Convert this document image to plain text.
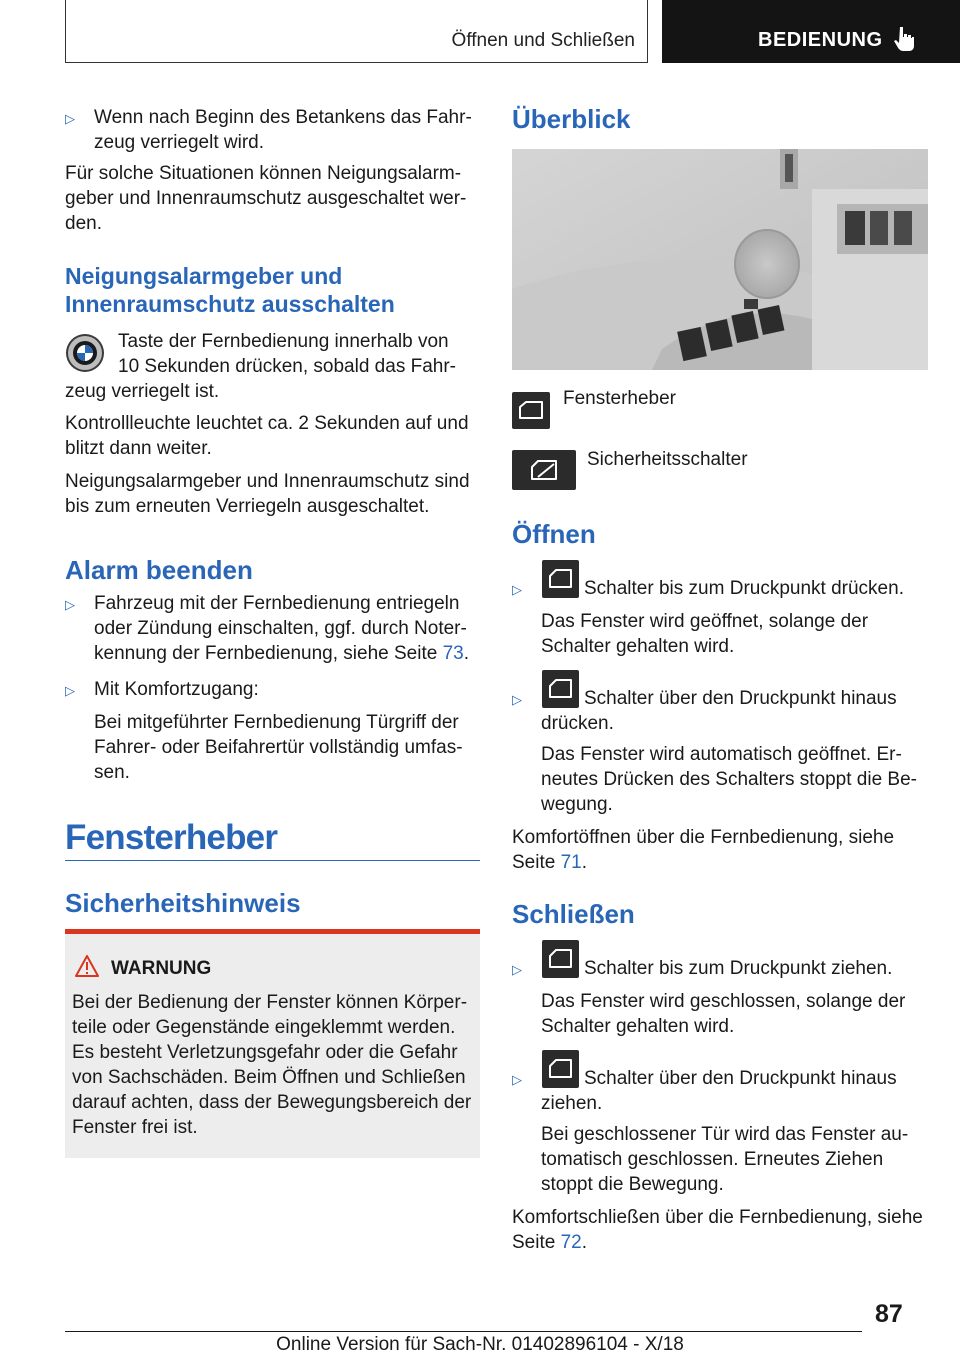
Öffnen und Schließen	BEDIENUNG
▷ Wenn nach Beginn des Betankens das Fahr-
zeug verriegelt wird.
Für solche Situationen können Neigungsalarm-
geber und Innenraumschutz ausgeschaltet wer-
den.
Neigungsalarmgeber und
Innenraumschutz ausschalten
Taste der Fernbedienung innerhalb von
10 Sekunden drücken, sobald das Fahr-
zeug verriegelt ist.
Kontrollleuchte leuchtet ca. 2 Sekunden auf und
blitzt dann weiter.
Neigungsalarmgeber und Innenraumschutz sind
bis zum erneuten Verriegeln ausgeschaltet.
Alarm beenden
▷ Fahrzeug mit der Fernbedienung entriegeln
oder Zündung einschalten, ggf. durch Noter-
kennung der Fernbedienung, siehe Seite 73.
▷ Mit Komfortzugang:
Bei mitgeführter Fernbedienung Türgriff der
Fahrer- oder Beifahrertür vollständig umfas-
sen.
Fensterheber
Sicherheitshinweis
WARNUNG
Bei der Bedienung der Fenster können Körper-
teile oder Gegenstände eingeklemmt werden.
Es besteht Verletzungsgefahr oder die Gefahr
von Sachschäden. Beim Öffnen und Schließen
darauf achten, dass der Bewegungsbereich der
Fenster frei ist.
Überblick
Fensterheber
Sicherheitsschalter
Öffnen
▷	Schalter bis zum Druckpunkt drücken.
Das Fenster wird geöffnet, solange der
Schalter gehalten wird.
▷	Schalter über den Druckpunkt hinaus
drücken.
Das Fenster wird automatisch geöffnet. Er-
neutes Drücken des Schalters stoppt die Be-
wegung.
Komfortöffnen über die Fernbedienung, siehe
Seite 71.
Schließen
▷	Schalter bis zum Druckpunkt ziehen.
Das Fenster wird geschlossen, solange der
Schalter gehalten wird.
▷	Schalter über den Druckpunkt hinaus
ziehen.
Bei geschlossener Tür wird das Fenster au-
tomatisch geschlossen. Erneutes Ziehen
stoppt die Bewegung.
Komfortschließen über die Fernbedienung, siehe
Seite 72.
87
Online Version für Sach-Nr. 01402896104 - X/18
